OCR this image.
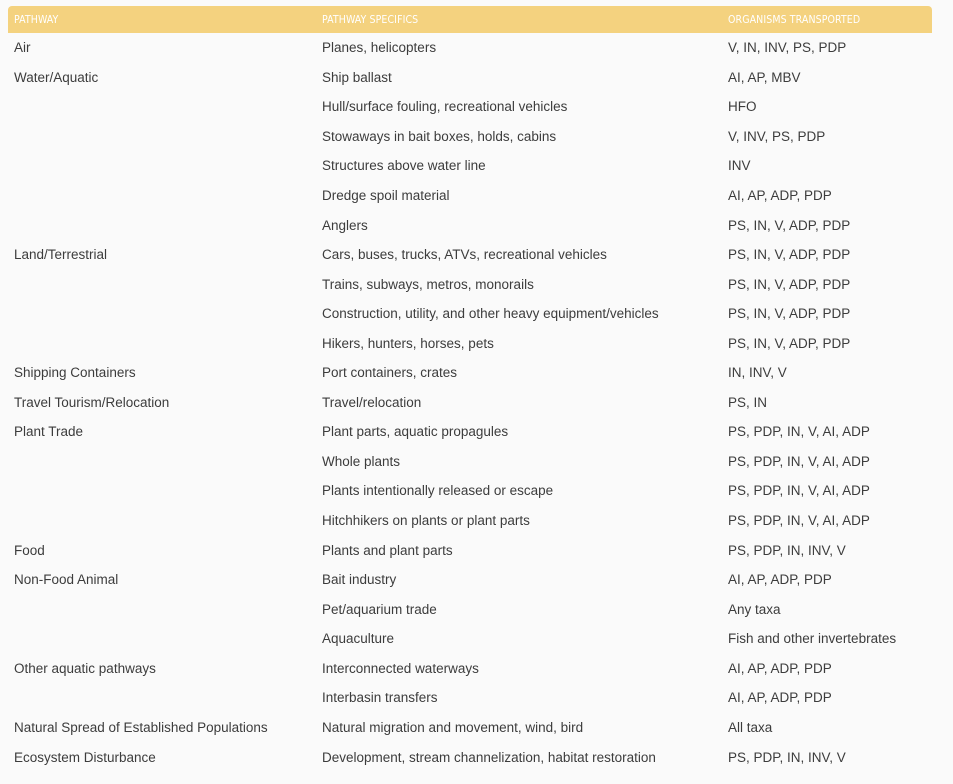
PATHWAY	PATHWAY SPECIFICS	ORGANISMS TRANSPORTED
Air	Planes, helicopters	V, IN, INV, PS, PDP
Water/Aquatic	Ship ballast	AI, AP, MBV
	Hull/surface fouling, recreational vehicles	HFO
	Stowaways in bait boxes, holds, cabins	V, INV, PS, PDP
	Structures above water line	INV
	Dredge spoil material	AI, AP, ADP, PDP
	Anglers	PS, IN, V, ADP, PDP
Land/Terrestrial	Cars, buses, trucks, ATVs, recreational vehicles	PS, IN, V, ADP, PDP
	Trains, subways, metros, monorails	PS, IN, V, ADP, PDP
	Construction, utility, and other heavy equipment/vehicles	PS, IN, V, ADP, PDP
	Hikers, hunters, horses, pets	PS, IN, V, ADP, PDP
Shipping Containers	Port containers, crates	IN, INV, V
Travel Tourism/Relocation	Travel/relocation	PS, IN
Plant Trade	Plant parts, aquatic propagules	PS, PDP, IN, V, AI, ADP
	Whole plants	PS, PDP, IN, V, AI, ADP
	Plants intentionally released or escape	PS, PDP, IN, V, AI, ADP
	Hitchhikers on plants or plant parts	PS, PDP, IN, V, AI, ADP
Food	Plants and plant parts	PS, PDP, IN, INV, V
Non-Food Animal	Bait industry	AI, AP, ADP, PDP
	Pet/aquarium trade	Any taxa
	Aquaculture	Fish and other invertebrates
Other aquatic pathways	Interconnected waterways	AI, AP, ADP, PDP
	Interbasin transfers	AI, AP, ADP, PDP
Natural Spread of Established Populations	Natural migration and movement, wind, bird	All taxa
Ecosystem Disturbance	Development, stream channelization, habitat restoration	PS, PDP, IN, INV, V
